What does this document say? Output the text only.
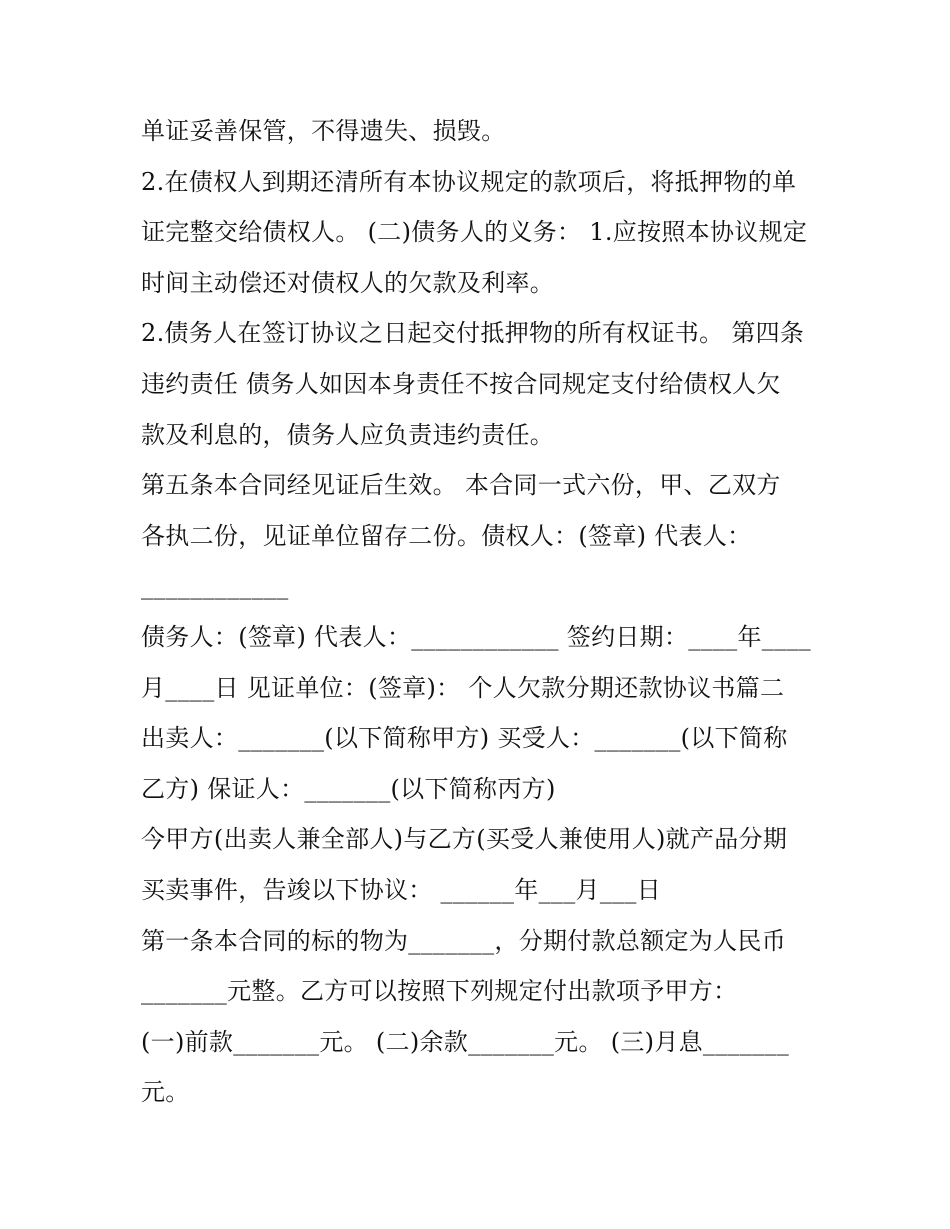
单证妥善保管，不得遗失、损毁。
2.在债权人到期还清所有本协议规定的款项后，将抵押物的单
证完整交给债权人。 (二)债务人的义务： 1.应按照本协议规定
时间主动偿还对债权人的欠款及利率。
2.债务人在签订协议之日起交付抵押物的所有权证书。 第四条
违约责任 债务人如因本身责任不按合同规定支付给债权人欠
款及利息的，债务人应负责违约责任。
第五条本合同经见证后生效。 本合同一式六份，甲、乙双方
各执二份，见证单位留存二份。债权人：(签章) 代表人：
____________
债务人：(签章) 代表人：____________ 签约日期：____年____
月____日 见证单位：(签章)： 个人欠款分期还款协议书篇二
出卖人：_______(以下简称甲方) 买受人：_______(以下简称
乙方) 保证人：_______(以下简称丙方)
今甲方(出卖人兼全部人)与乙方(买受人兼使用人)就产品分期
买卖事件，告竣以下协议： ______年___月___日
第一条本合同的标的物为_______，分期付款总额定为人民币
_______元整。乙方可以按照下列规定付出款项予甲方：
(一)前款_______元。 (二)余款_______元。 (三)月息_______
元。
